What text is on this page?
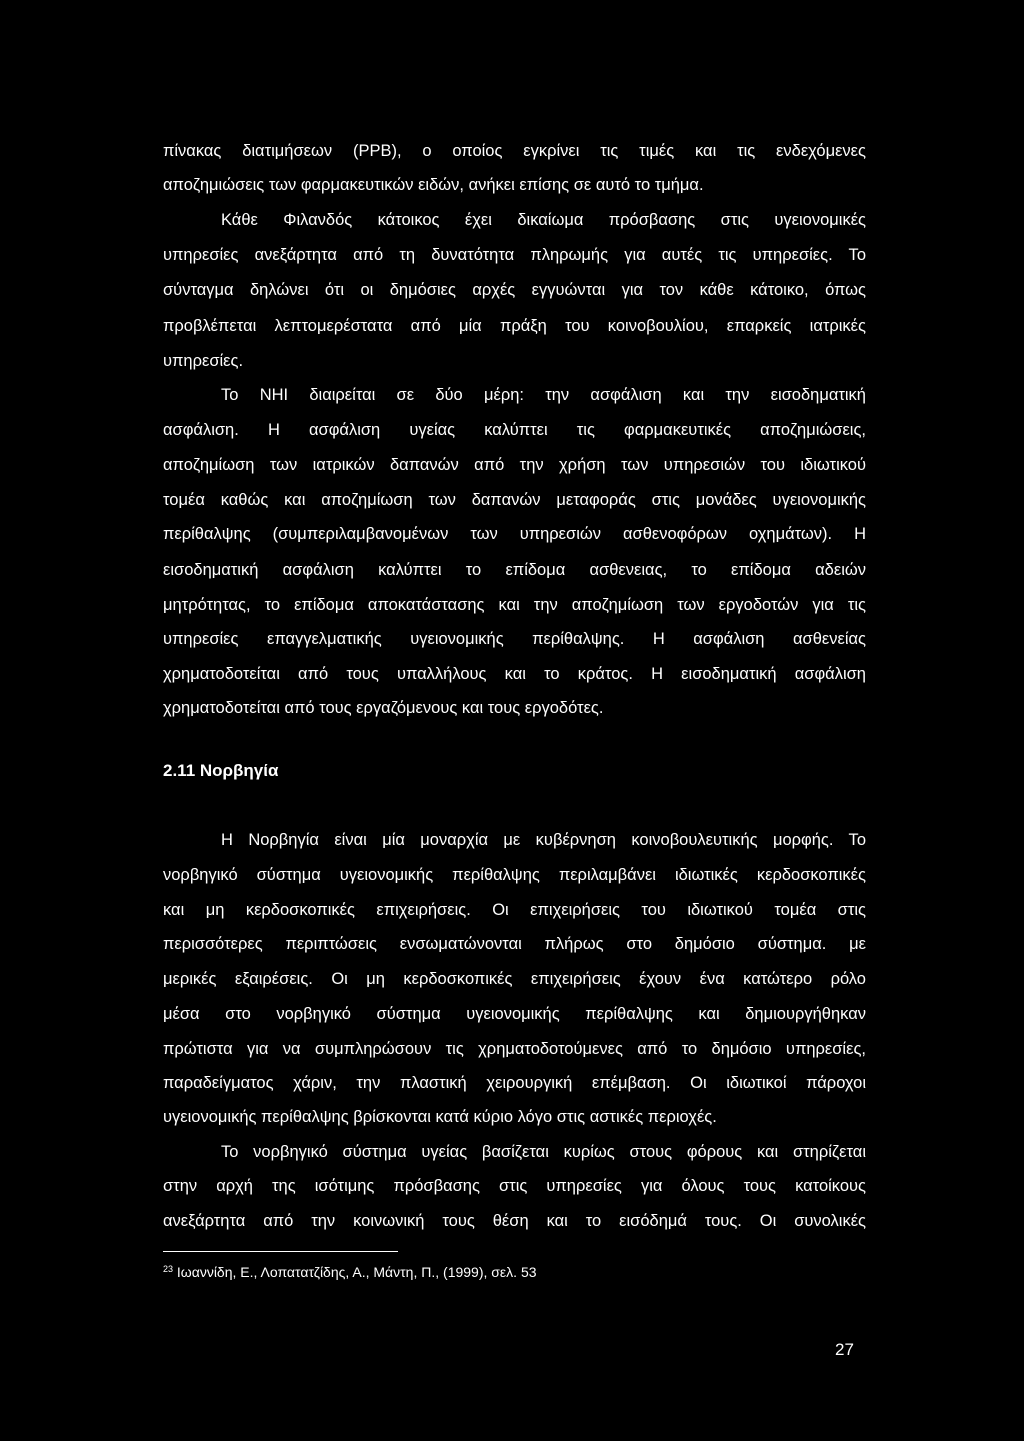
πίνακας διατιμήσεων (PPB), ο οποίος εγκρίνει τις τιμές και τις ενδεχόμενες
αποζημιώσεις των φαρμακευτικών ειδών, ανήκει επίσης σε αυτό το τμήμα.
Κάθε Φιλανδός κάτοικος έχει δικαίωμα πρόσβασης στις υγειονομικές
υπηρεσίες ανεξάρτητα από τη δυνατότητα πληρωμής για αυτές τις υπηρεσίες. Το
σύνταγμα δηλώνει ότι οι δημόσιες αρχές εγγυώνται για τον κάθε κάτοικο, όπως
προβλέπεται λεπτομερέστατα από μία πράξη του κοινοβουλίου, επαρκείς ιατρικές
υπηρεσίες.
Το NHI διαιρείται σε δύο μέρη: την ασφάλιση και την εισοδηματική
ασφάλιση. Η ασφάλιση υγείας καλύπτει τις φαρμακευτικές αποζημιώσεις,
αποζημίωση των ιατρικών δαπανών από την χρήση των υπηρεσιών του ιδιωτικού
τομέα καθώς και αποζημίωση των δαπανών μεταφοράς στις μονάδες υγειονομικής
περίθαλψης (συμπεριλαμβανομένων των υπηρεσιών ασθενοφόρων οχημάτων). Η
εισοδηματική ασφάλιση καλύπτει το επίδομα ασθενειας, το επίδομα αδειών
μητρότητας, το επίδομα αποκατάστασης και την αποζημίωση των εργοδοτών για τις
υπηρεσίες επαγγελματικής υγειονομικής περίθαλψης. Η ασφάλιση ασθενείας
χρηματοδοτείται από τους υπαλλήλους και το κράτος. Η εισοδηματική ασφάλιση
χρηματοδοτείται από τους εργαζόμενους και τους εργοδότες.
2.11 Νορβηγία
Η Νορβηγία είναι μία μοναρχία με κυβέρνηση κοινοβουλευτικής μορφής. Το
νορβηγικό σύστημα υγειονομικής περίθαλψης περιλαμβάνει ιδιωτικές κερδοσκοπικές
και μη κερδοσκοπικές επιχειρήσεις. Οι επιχειρήσεις του ιδιωτικού τομέα στις
περισσότερες περιπτώσεις ενσωματώνονται πλήρως στο δημόσιο σύστημα. με
μερικές εξαιρέσεις. Οι μη κερδοσκοπικές επιχειρήσεις έχουν ένα κατώτερο ρόλο
μέσα στο νορβηγικό σύστημα υγειονομικής περίθαλψης και δημιουργήθηκαν
πρώτιστα για να συμπληρώσουν τις χρηματοδοτούμενες από το δημόσιο υπηρεσίες,
παραδείγματος χάριν, την πλαστική χειρουργική επέμβαση. Οι ιδιωτικοί πάροχοι
υγειονομικής περίθαλψης βρίσκονται κατά κύριο λόγο στις αστικές περιοχές.
Το νορβηγικό σύστημα υγείας βασίζεται κυρίως στους φόρους και στηρίζεται
στην αρχή της ισότιμης πρόσβασης στις υπηρεσίες για όλους τους κατοίκους
ανεξάρτητα από την κοινωνική τους θέση και το εισόδημά τους. Οι συνολικές
$^{23}$ Ιωαννίδη, Ε., Λοπατατζίδης, Α., Μάντη, Π., (1999), σελ. 53
27
